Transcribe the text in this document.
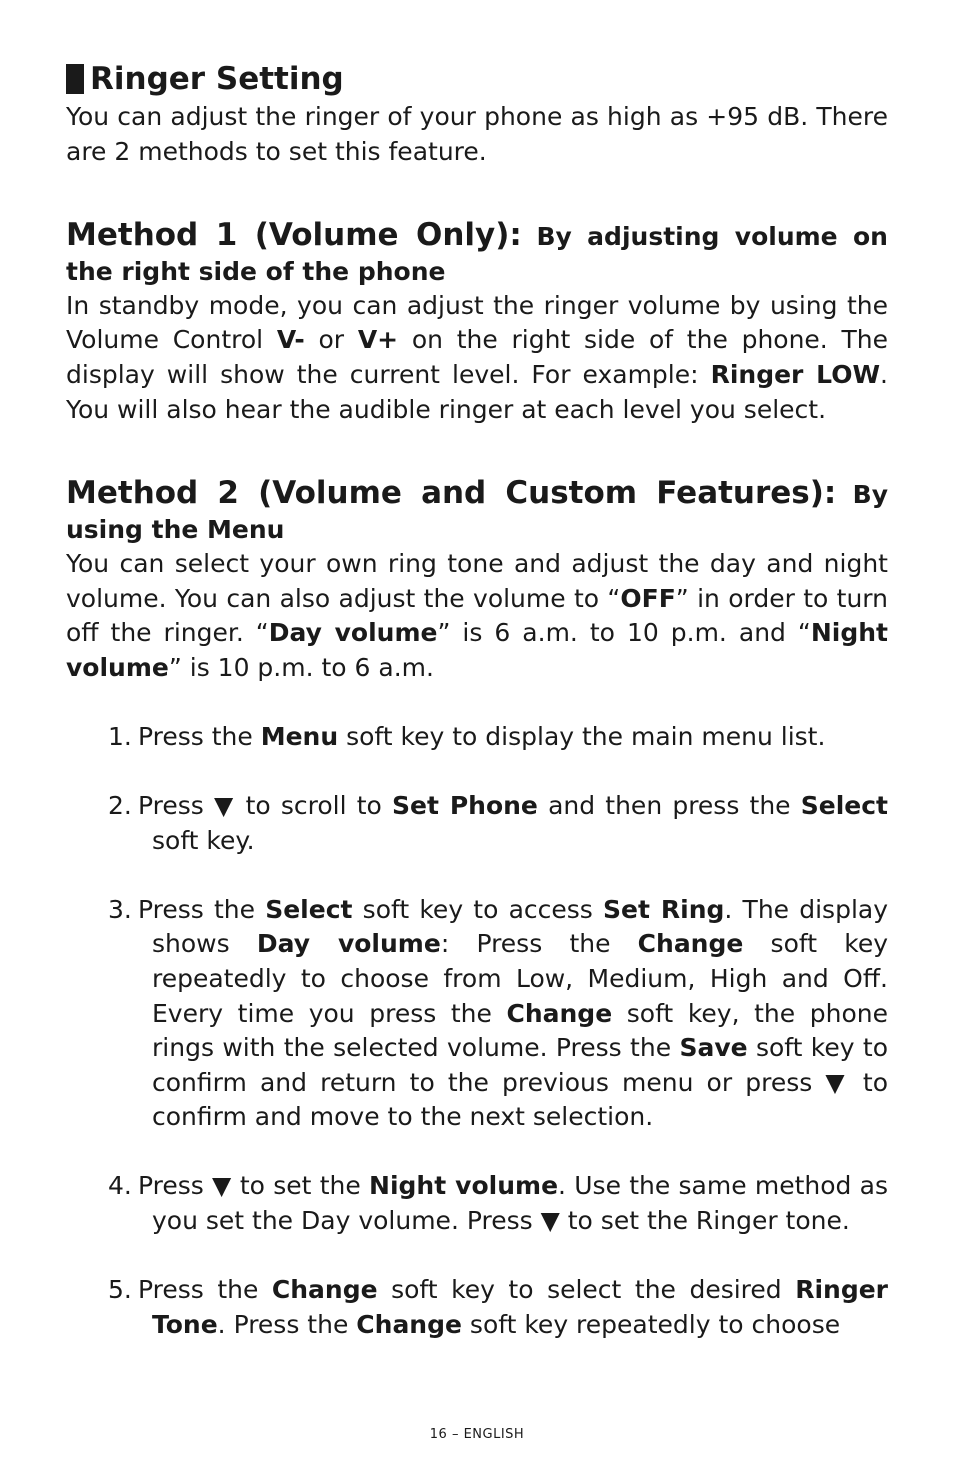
Ringer Setting

You can adjust the ringer of your phone as high as +95 dB. There are 2 methods to set this feature.

Method 1 (Volume Only): By adjusting volume on the right side of the phone

In standby mode, you can adjust the ringer volume by using the Volume Control V- or V+ on the right side of the phone. The display will show the current level. For example: Ringer LOW. You will also hear the audible ringer at each level you select.

Method 2 (Volume and Custom Features): By using the Menu

You can select your own ring tone and adjust the day and night volume. You can also adjust the volume to “OFF” in order to turn off the ringer. “Day volume” is 6 a.m. to 10 p.m. and “Night volume” is 10 p.m. to 6 a.m.

1. Press the Menu soft key to display the main menu list.
2. Press ▼ to scroll to Set Phone and then press the Select soft key.
3. Press the Select soft key to access Set Ring. The display shows Day volume: Press the Change soft key repeatedly to choose from Low, Medium, High and Off. Every time you press the Change soft key, the phone rings with the selected volume. Press the Save soft key to confirm and return to the previous menu or press ▼ to confirm and move to the next selection.
4. Press ▼ to set the Night volume. Use the same method as you set the Day volume. Press ▼ to set the Ringer tone.
5. Press the Change soft key to select the desired Ringer Tone. Press the Change soft key repeatedly to choose
16 – ENGLISH
